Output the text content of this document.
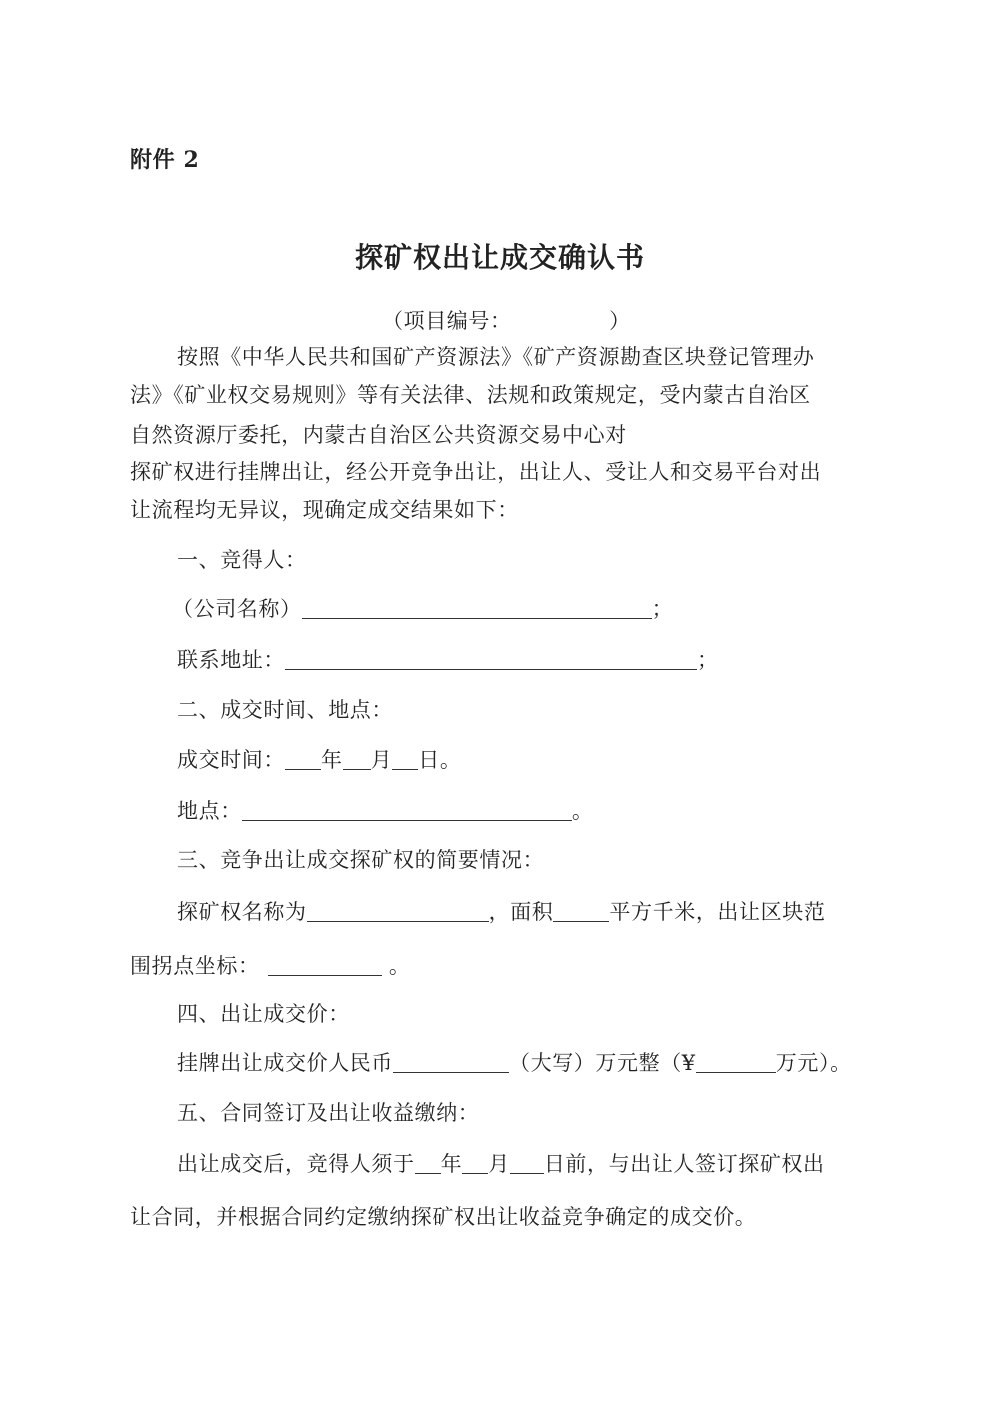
附件 2
探矿权出让成交确认书
（项目编号：　　　　　）
按照《中华人民共和国矿产资源法》《矿产资源勘查区块登记管理办
法》《矿业权交易规则》等有关法律、法规和政策规定，受内蒙古自治区
自然资源厅委托，内蒙古自治区公共资源交易中心对
探矿权进行挂牌出让，经公开竞争出让，出让人、受让人和交易平台对出
让流程均无异议，现确定成交结果如下：
一、竞得人：
（公司名称）	；
联系地址：	；
二、成交时间、地点：
成交时间： 年 月 日。
地点：	。
三、竞争出让成交探矿权的简要情况：
探矿权名称为	，面积	平方千米，出让区块范
围拐点坐标：	。
四、出让成交价：
挂牌出让成交价人民币	（大写）万元整（¥	万元）。
五、合同签订及出让收益缴纳：
出让成交后，竞得人须于 年 月 日前，与出让人签订探矿权出
让合同，并根据合同约定缴纳探矿权出让收益竞争确定的成交价。
